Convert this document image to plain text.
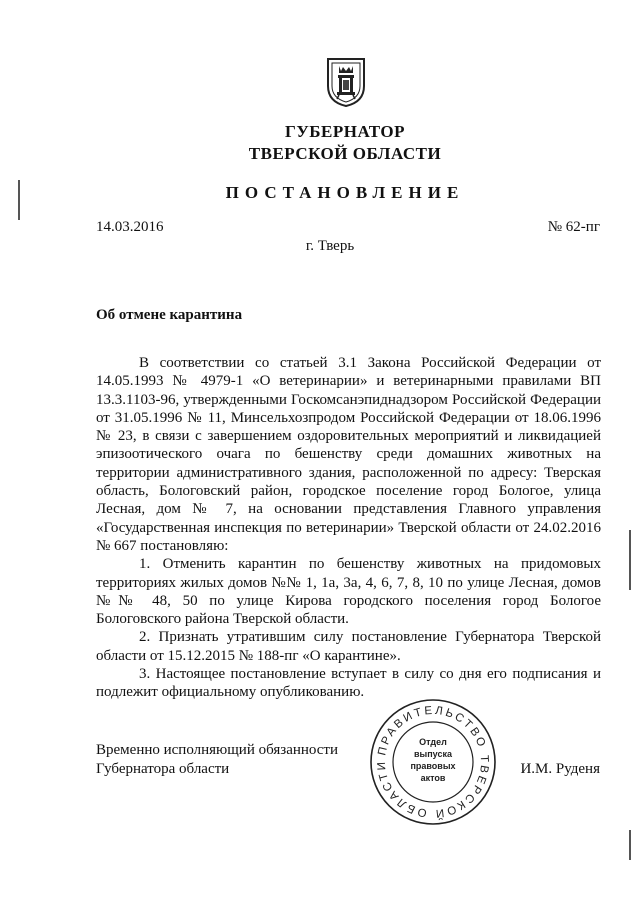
ГУБЕРНАТОР
ТВЕРСКОЙ ОБЛАСТИ
ПОСТАНОВЛЕНИЕ
14.03.2016	№ 62-пг
г. Тверь
Об отмене карантина

В соответствии со статьей 3.1 Закона Российской Федерации от 14.05.1993 № 4979-1 «О ветеринарии» и ветеринарными правилами ВП 13.3.1103-96, утвержденными Госкомсанэпиднадзором Российской Федерации от 31.05.1996 № 11, Минсельхозпродом Российской Федерации от 18.06.1996 № 23, в связи с завершением оздоровительных мероприятий и ликвидацией эпизоотического очага по бешенству среди домашних животных на территории административного здания, расположенной по адресу: Тверская область, Бологовский район, городское поселение город Бологое, улица Лесная, дом № 7, на основании представления Главного управления «Государственная инспекция по ветеринарии» Тверской области от 24.02.2016 № 667 постановляю:

1. Отменить карантин по бешенству животных на придомовых территориях жилых домов №№ 1, 1а, 3а, 4, 6, 7, 8, 10 по улице Лесная, домов №№ 48, 50 по улице Кирова городского поселения город Бологое Бологовского района Тверской области.

2. Признать утратившим силу постановление Губернатора Тверской области от 15.12.2015 № 188-пг «О карантине».

3. Настоящее постановление вступает в силу со дня его подписания и подлежит официальному опубликованию.

Временно исполняющий обязанности
Губернатора области	И.М. Руденя
ПРАВИТЕЛЬСТВО ТВЕРСКОЙ ОБЛАСТИ
Отдел
выпуска
правовых
актов
